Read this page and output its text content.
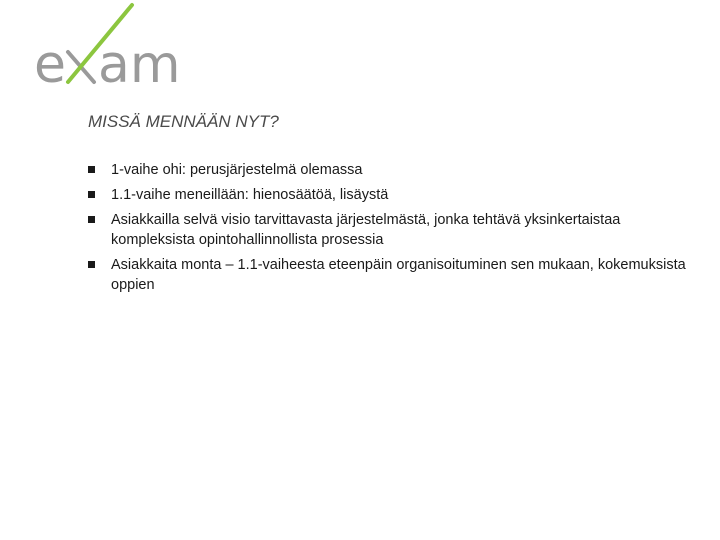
e am
MISSÄ MENNÄÄN NYT?
1-vaihe ohi: perusjärjestelmä olemassa
1.1-vaihe meneillään: hienosäätöä, lisäystä
Asiakkailla selvä visio tarvittavasta järjestelmästä, jonka tehtävä yksinkertaistaa kompleksista opintohallinnollista prosessia
Asiakkaita monta – 1.1-vaiheesta eteenpäin organisoituminen sen mukaan, kokemuksista oppien
